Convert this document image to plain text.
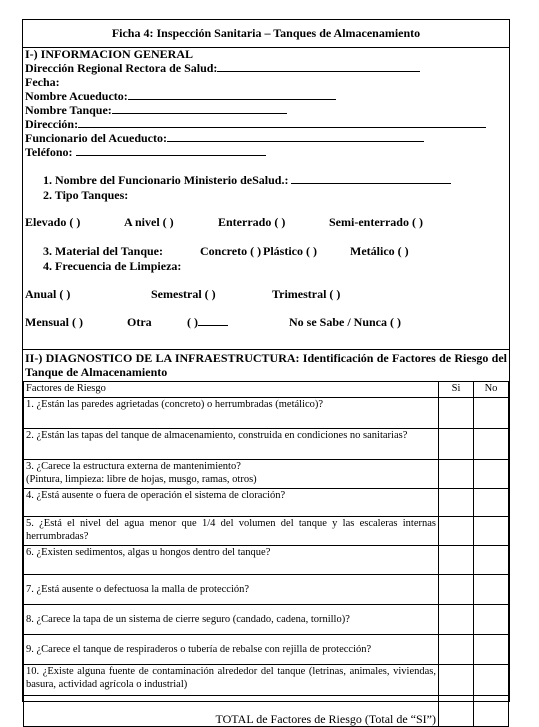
Ficha 4: Inspección Sanitaria – Tanques de Almacenamiento
I-) INFORMACION GENERAL
Dirección Regional Rectora de Salud:
Fecha:
Nombre Acueducto:
Nombre Tanque:
Dirección:
Funcionario del Acueducto:
Teléfono:
1. Nombre del Funcionario Ministerio deSalud.:
2. Tipo Tanques:
Elevado ( )	A nivel ( )	Enterrado ( )	Semi-enterrado ( )
3. Material del Tanque:	Concreto ( ) Plástico ( )	Metálico ( )
4. Frecuencia de Limpieza:
Anual ( )	Semestral ( )	Trimestral ( )
Mensual ( )	Otra	( )	No se Sabe / Nunca ( )
II-) DIAGNOSTICO DE LA INFRAESTRUCTURA: Identificación de Factores de Riesgo del Tanque de Almacenamiento
Factores de Riesgo	Si	No
1. ¿Están las paredes agrietadas (concreto) o herrumbradas (metálico)?		
2. ¿Están las tapas del tanque de almacenamiento, construida en condiciones no sanitarias?		
3. ¿Carece la estructura externa de mantenimiento?
(Pintura, limpieza: libre de hojas, musgo, ramas, otros)		
4. ¿Está ausente o fuera de operación el sistema de cloración?		
5. ¿Está el nivel del agua menor que 1/4 del volumen del tanque y las escaleras internas herrumbradas?		
6. ¿Existen sedimentos, algas u hongos dentro del tanque?		
7. ¿Está ausente o defectuosa la malla de protección?		
8. ¿Carece la tapa de un sistema de cierre seguro (candado, cadena, tornillo)?		
9. ¿Carece el tanque de respiraderos o tubería de rebalse con rejilla de protección?		
10. ¿Existe alguna fuente de contaminación alrededor del tanque (letrinas, animales, viviendas, basura, actividad agrícola o industrial)		
TOTAL de Factores de Riesgo (Total de “SI”)		
